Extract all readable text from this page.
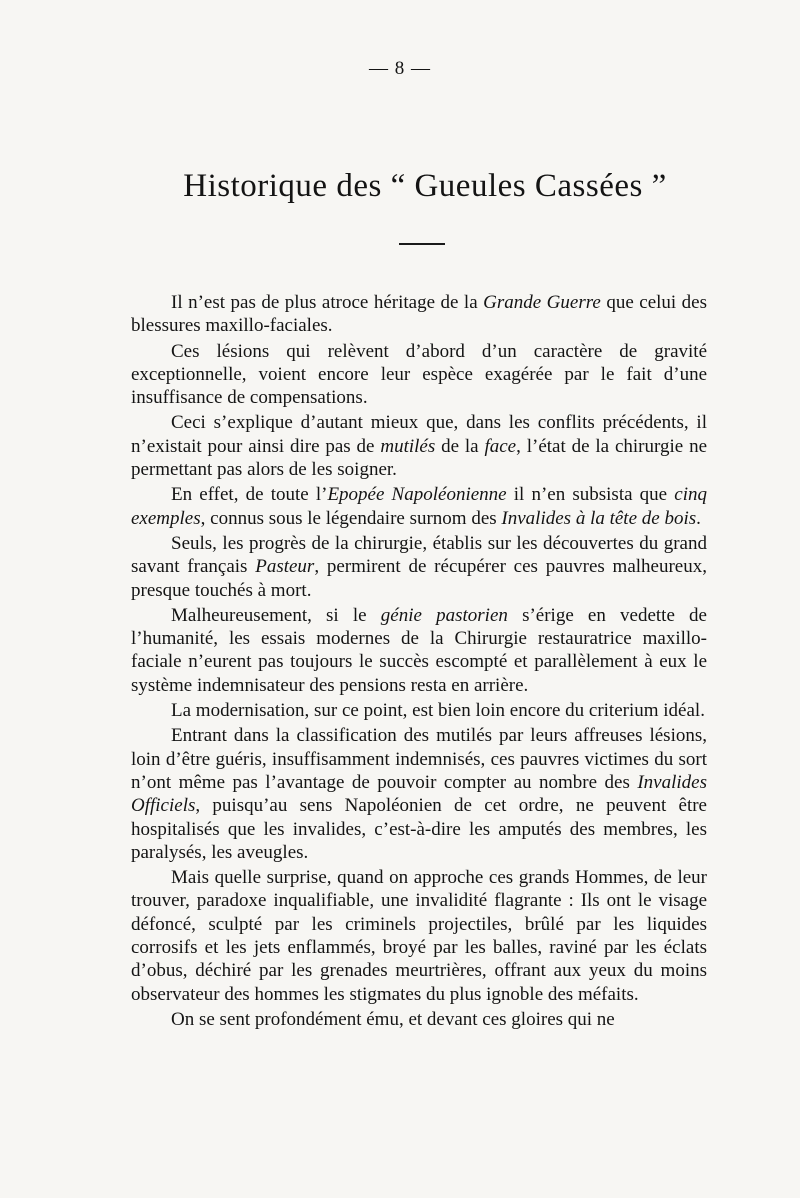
— 8 —
Historique des “ Gueules Cassées ”

Il n’est pas de plus atroce héritage de la Grande Guerre que celui des blessures maxillo-faciales.

Ces lésions qui relèvent d’abord d’un caractère de gravité exceptionnelle, voient encore leur espèce exagérée par le fait d’une insuffisance de compensations.

Ceci s’explique d’autant mieux que, dans les conflits précédents, il n’existait pour ainsi dire pas de mutilés de la face, l’état de la chirurgie ne permettant pas alors de les soigner.

En effet, de toute l’Epopée Napoléonienne il n’en subsista que cinq exemples, connus sous le légendaire surnom des Invalides à la tête de bois.

Seuls, les progrès de la chirurgie, établis sur les découvertes du grand savant français Pasteur, permirent de récupérer ces pauvres malheureux, presque touchés à mort.

Malheureusement, si le génie pastorien s’érige en vedette de l’humanité, les essais modernes de la Chirurgie restauratrice maxillo-faciale n’eurent pas toujours le succès escompté et parallèlement à eux le système indemnisateur des pensions resta en arrière.

La modernisation, sur ce point, est bien loin encore du criterium idéal.

Entrant dans la classification des mutilés par leurs affreuses lésions, loin d’être guéris, insuffisamment indemnisés, ces pauvres victimes du sort n’ont même pas l’avantage de pouvoir compter au nombre des Invalides Officiels, puisqu’au sens Napoléonien de cet ordre, ne peuvent être hospitalisés que les invalides, c’est-à-dire les amputés des membres, les paralysés, les aveugles.

Mais quelle surprise, quand on approche ces grands Hommes, de leur trouver, paradoxe inqualifiable, une invalidité flagrante : Ils ont le visage défoncé, sculpté par les criminels projectiles, brûlé par les liquides corrosifs et les jets enflammés, broyé par les balles, raviné par les éclats d’obus, déchiré par les grenades meurtrières, offrant aux yeux du moins observateur des hommes les stigmates du plus ignoble des méfaits.

On se sent profondément ému, et devant ces gloires qui ne
